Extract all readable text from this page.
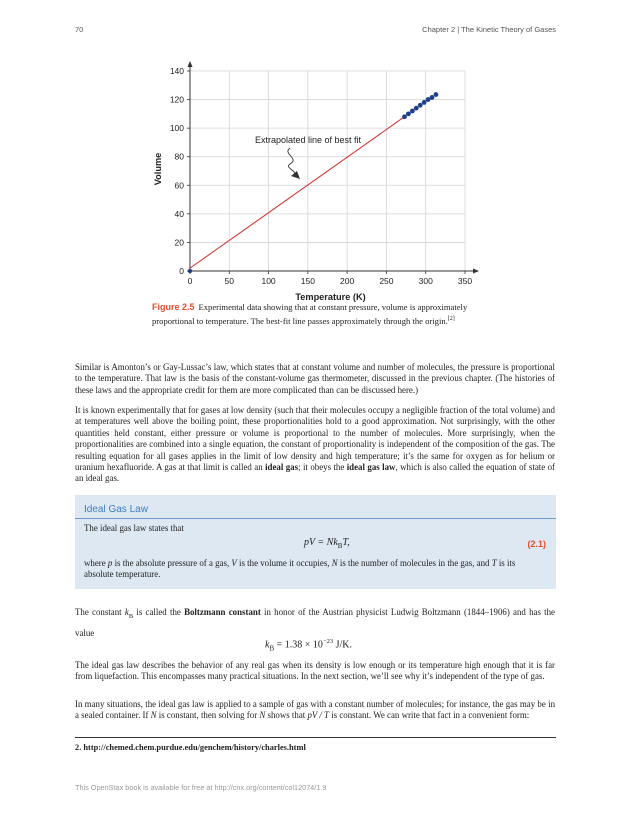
70	Chapter 2 | The Kinetic Theory of Gases
0	50	100	150	200	250	300	350
0
20
40
60
80
100
120
140
Extrapolated line of best fit
Temperature (K)
Volume
Figure 2.5 Experimental data showing that at constant pressure, volume is approximately proportional to temperature. The best-fit line passes approximately through the origin.[2]
Similar is Amonton’s or Gay-Lussac’s law, which states that at constant volume and number of molecules, the pressure is proportional to the temperature. That law is the basis of the constant-volume gas thermometer, discussed in the previous chapter. (The histories of these laws and the appropriate credit for them are more complicated than can be discussed here.)
It is known experimentally that for gases at low density (such that their molecules occupy a negligible fraction of the total volume) and at temperatures well above the boiling point, these proportionalities hold to a good approximation. Not surprisingly, with the other quantities held constant, either pressure or volume is proportional to the number of molecules. More surprisingly, when the proportionalities are combined into a single equation, the constant of proportionality is independent of the composition of the gas. The resulting equation for all gases applies in the limit of low density and high temperature; it’s the same for oxygen as for helium or uranium hexafluoride. A gas at that limit is called an ideal gas; it obeys the ideal gas law, which is also called the equation of state of an ideal gas.
Ideal Gas Law
The ideal gas law states that
pV = $Nk_BT$,	(2.1)
where p is the absolute pressure of a gas, V is the volume it occupies, N is the number of molecules in the gas, and T is its absolute temperature.
The constant $k_B$ is called the Boltzmann constant in honor of the Austrian physicist Ludwig Boltzmann (1844–1906) and has the value
$k_B = 1.38 \times 10^{-23}$ J/K.
The ideal gas law describes the behavior of any real gas when its density is low enough or its temperature high enough that it is far from liquefaction. This encompasses many practical situations. In the next section, we’ll see why it’s independent of the type of gas.
In many situations, the ideal gas law is applied to a sample of gas with a constant number of molecules; for instance, the gas may be in a sealed container. If N is constant, then solving for N shows that pV / T is constant. We can write that fact in a convenient form:
2. http://chemed.chem.purdue.edu/genchem/history/charles.html
This OpenStax book is available for free at http://cnx.org/content/col12074/1.9
